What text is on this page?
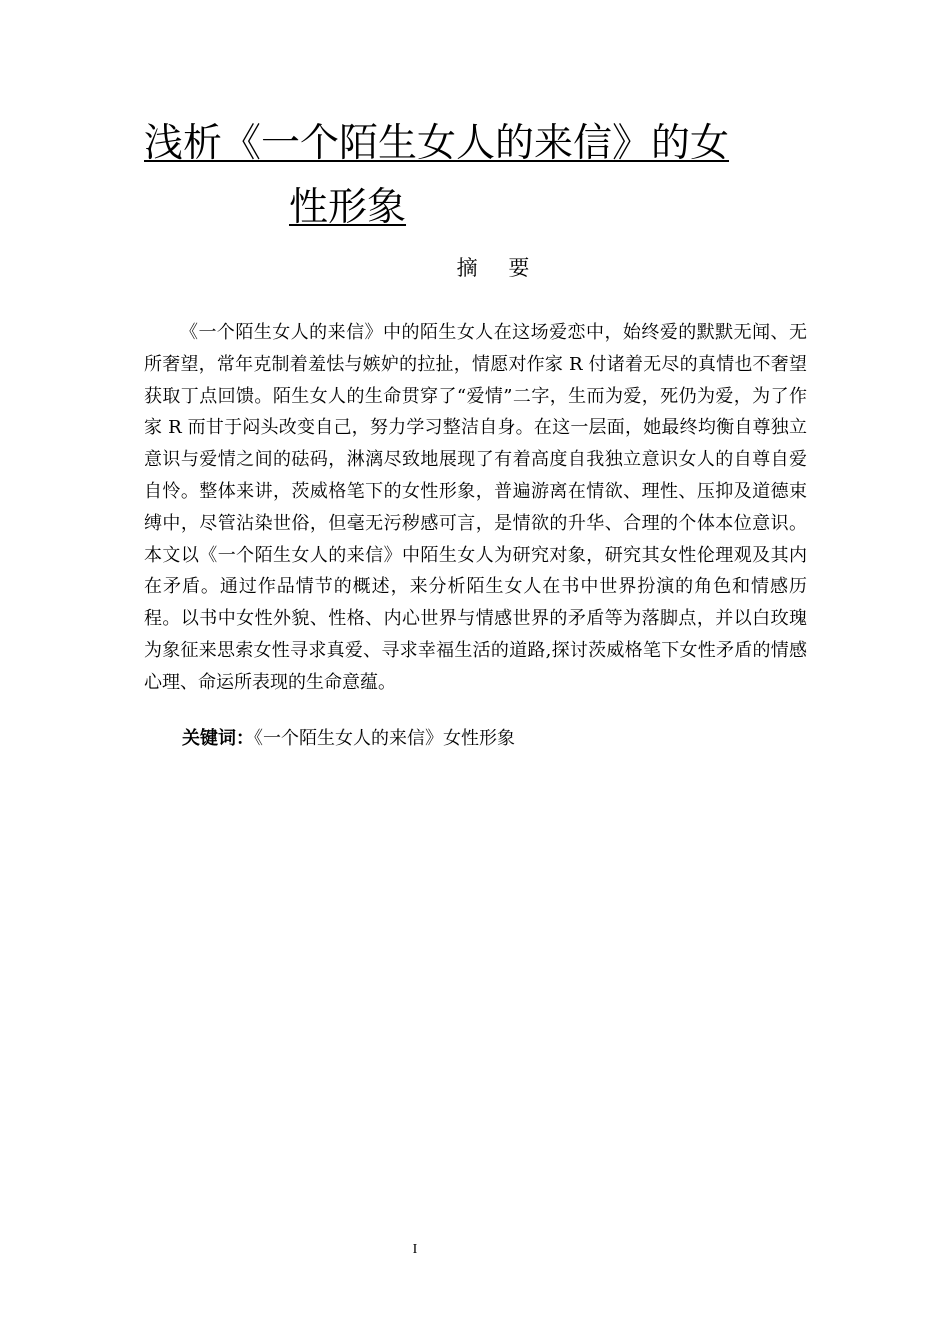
浅析《一个陌生女人的来信》的女
性形象
摘 要

《一个陌生女人的来信》中的陌生女人在这场爱恋中，始终爱的默默无闻、无所奢望，常年克制着羞怯与嫉妒的拉扯，情愿对作家 R 付诸着无尽的真情也不奢望获取丁点回馈。陌生女人的生命贯穿了“爱情”二字，生而为爱，死仍为爱，为了作家 R 而甘于闷头改变自己，努力学习整洁自身。在这一层面，她最终均衡自尊独立意识与爱情之间的砝码，淋漓尽致地展现了有着高度自我独立意识女人的自尊自爱自怜。整体来讲，茨威格笔下的女性形象，普遍游离在情欲、理性、压抑及道德束缚中，尽管沾染世俗，但毫无污秽感可言，是情欲的升华、合理的个体本位意识。本文以《一个陌生女人的来信》中陌生女人为研究对象，研究其女性伦理观及其内在矛盾。通过作品情节的概述，来分析陌生女人在书中世界扮演的角色和情感历程。以书中女性外貌、性格、内心世界与情感世界的矛盾等为落脚点，并以白玫瑰为象征来思索女性寻求真爱、寻求幸福生活的道路,探讨茨威格笔下女性矛盾的情感心理、命运所表现的生命意蕴。

关键词：《一个陌生女人的来信》女性形象
I
